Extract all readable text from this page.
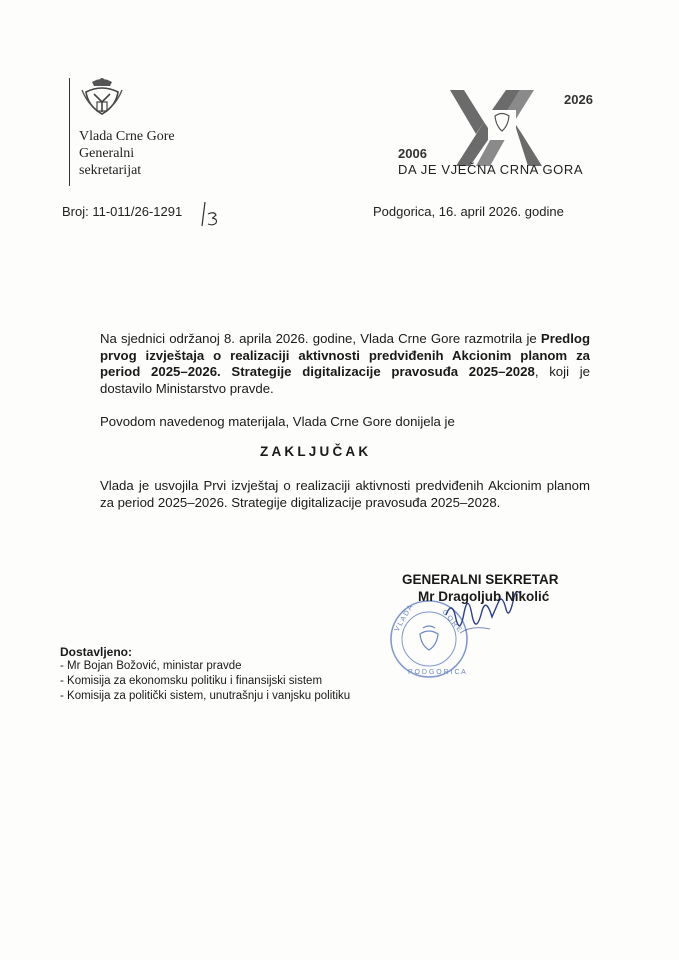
Vlada Crne Gore
Generalni
sekretarijat
2006
2026
DA JE VJEČNA CRNA GORA
Broj: 11-011/26-1291	Podgorica, 16. april 2026. godine
Na sjednici održanoj 8. aprila 2026. godine, Vlada Crne Gore razmotrila je Predlog prvog izvještaja o realizaciji aktivnosti predviđenih Akcionim planom za period 2025–2026. Strategije digitalizacije pravosuđa 2025–2028, koji je dostavilo Ministarstvo pravde.
Povodom navedenog materijala, Vlada Crne Gore donijela je
ZAKLJUČAK
Vlada je usvojila Prvi izvještaj o realizaciji aktivnosti predviđenih Akcionim planom za period 2025–2026. Strategije digitalizacije pravosuđa 2025–2028.
V L A D A	G O R E
P O D G O R I C A
GENERALNI SEKRETAR
Mr Dragoljub Nikolić
Dostavljeno:
- Mr Bojan Božović, ministar pravde
- Komisija za ekonomsku politiku i finansijski sistem
- Komisija za politički sistem, unutrašnju i vanjsku politiku
